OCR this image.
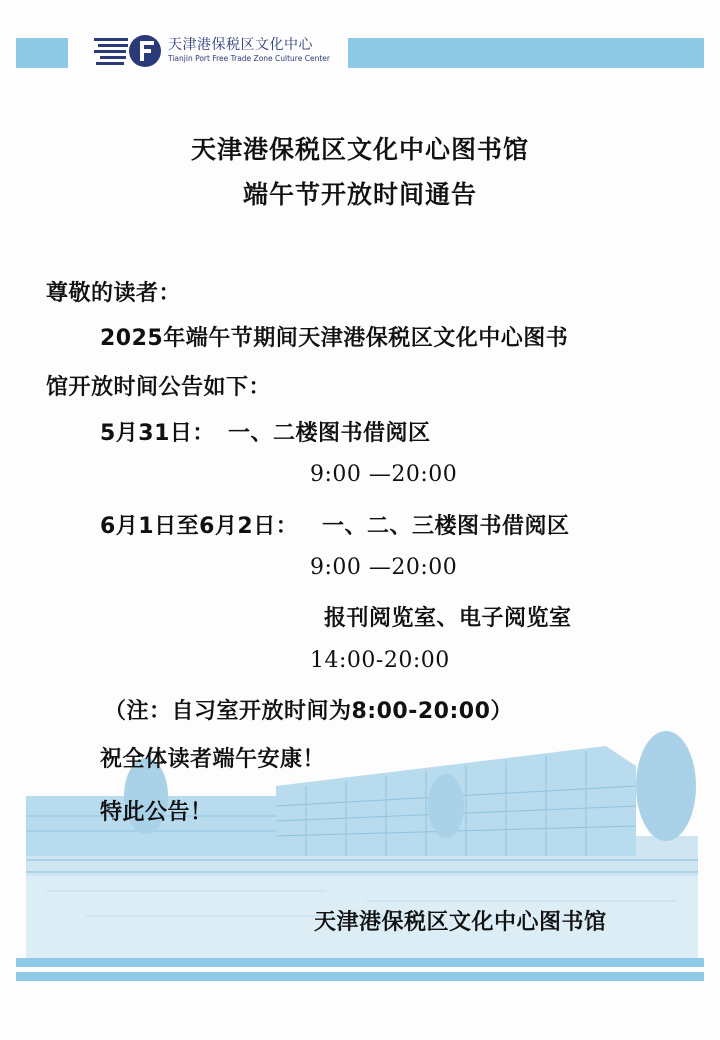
天津港保税区文化中心
Tianjin Port Free Trade Zone Culture Center
天津港保税区文化中心图书馆
端午节开放时间通告
尊敬的读者：
2025年端午节期间天津港保税区文化中心图书
馆开放时间公告如下：
5月31日： 一、二楼图书借阅区
9:00 —20:00
6月1日至6月2日： 一、二、三楼图书借阅区
9:00 —20:00
报刊阅览室、电子阅览室
14:00-20:00
（注：自习室开放时间为8:00-20:00）
祝全体读者端午安康！
特此公告！
天津港保税区文化中心图书馆
